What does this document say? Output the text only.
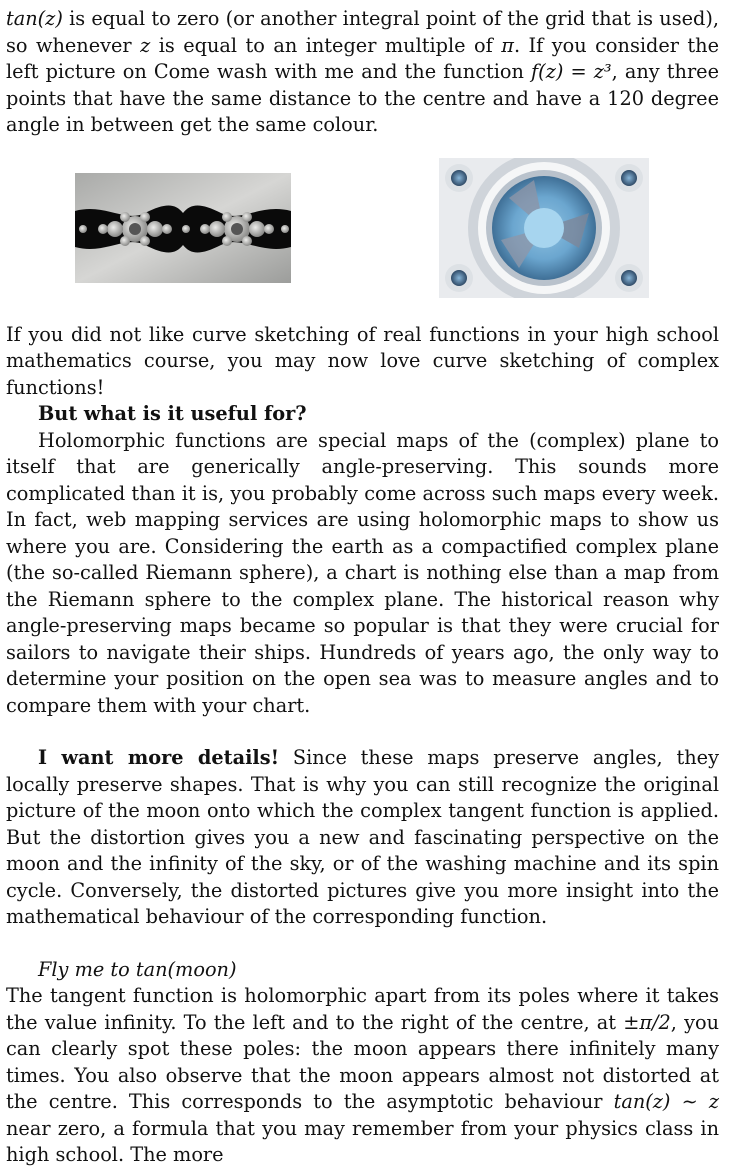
tan(z) is equal to zero (or another integral point of the grid that is used), so whenever z is equal to an integer multiple of π. If you consider the left picture on Come wash with me and the function f(z) = z³, any three points that have the same distance to the centre and have a 120 degree angle in between get the same colour.

If you did not like curve sketching of real functions in your high school mathematics course, you may now love curve sketching of complex functions!

But what is it useful for?

Holomorphic functions are special maps of the (complex) plane to itself that are generically angle-preserving. This sounds more complicated than it is, you probably come across such maps every week. In fact, web mapping services are using holomorphic maps to show us where you are. Considering the earth as a compactified complex plane (the so-called Riemann sphere), a chart is nothing else than a map from the Riemann sphere to the complex plane. The historical reason why angle-preserving maps became so popular is that they were crucial for sailors to navigate their ships. Hundreds of years ago, the only way to determine your position on the open sea was to measure angles and to compare them with your chart.

I want more details! Since these maps preserve angles, they locally preserve shapes. That is why you can still recognize the original picture of the moon onto which the complex tangent function is applied. But the distortion gives you a new and fascinating perspective on the moon and the infinity of the sky, or of the washing machine and its spin cycle. Conversely, the distorted pictures give you more insight into the mathematical behaviour of the corresponding function.

Fly me to tan(moon)

The tangent function is holomorphic apart from its poles where it takes the value infinity. To the left and to the right of the centre, at ±π/2, you can clearly spot these poles: the moon appears there infinitely many times. You also observe that the moon appears almost not distorted at the centre. This corresponds to the asymptotic behaviour tan(z) ∼ z near zero, a formula that you may remember from your physics class in high school. The more
